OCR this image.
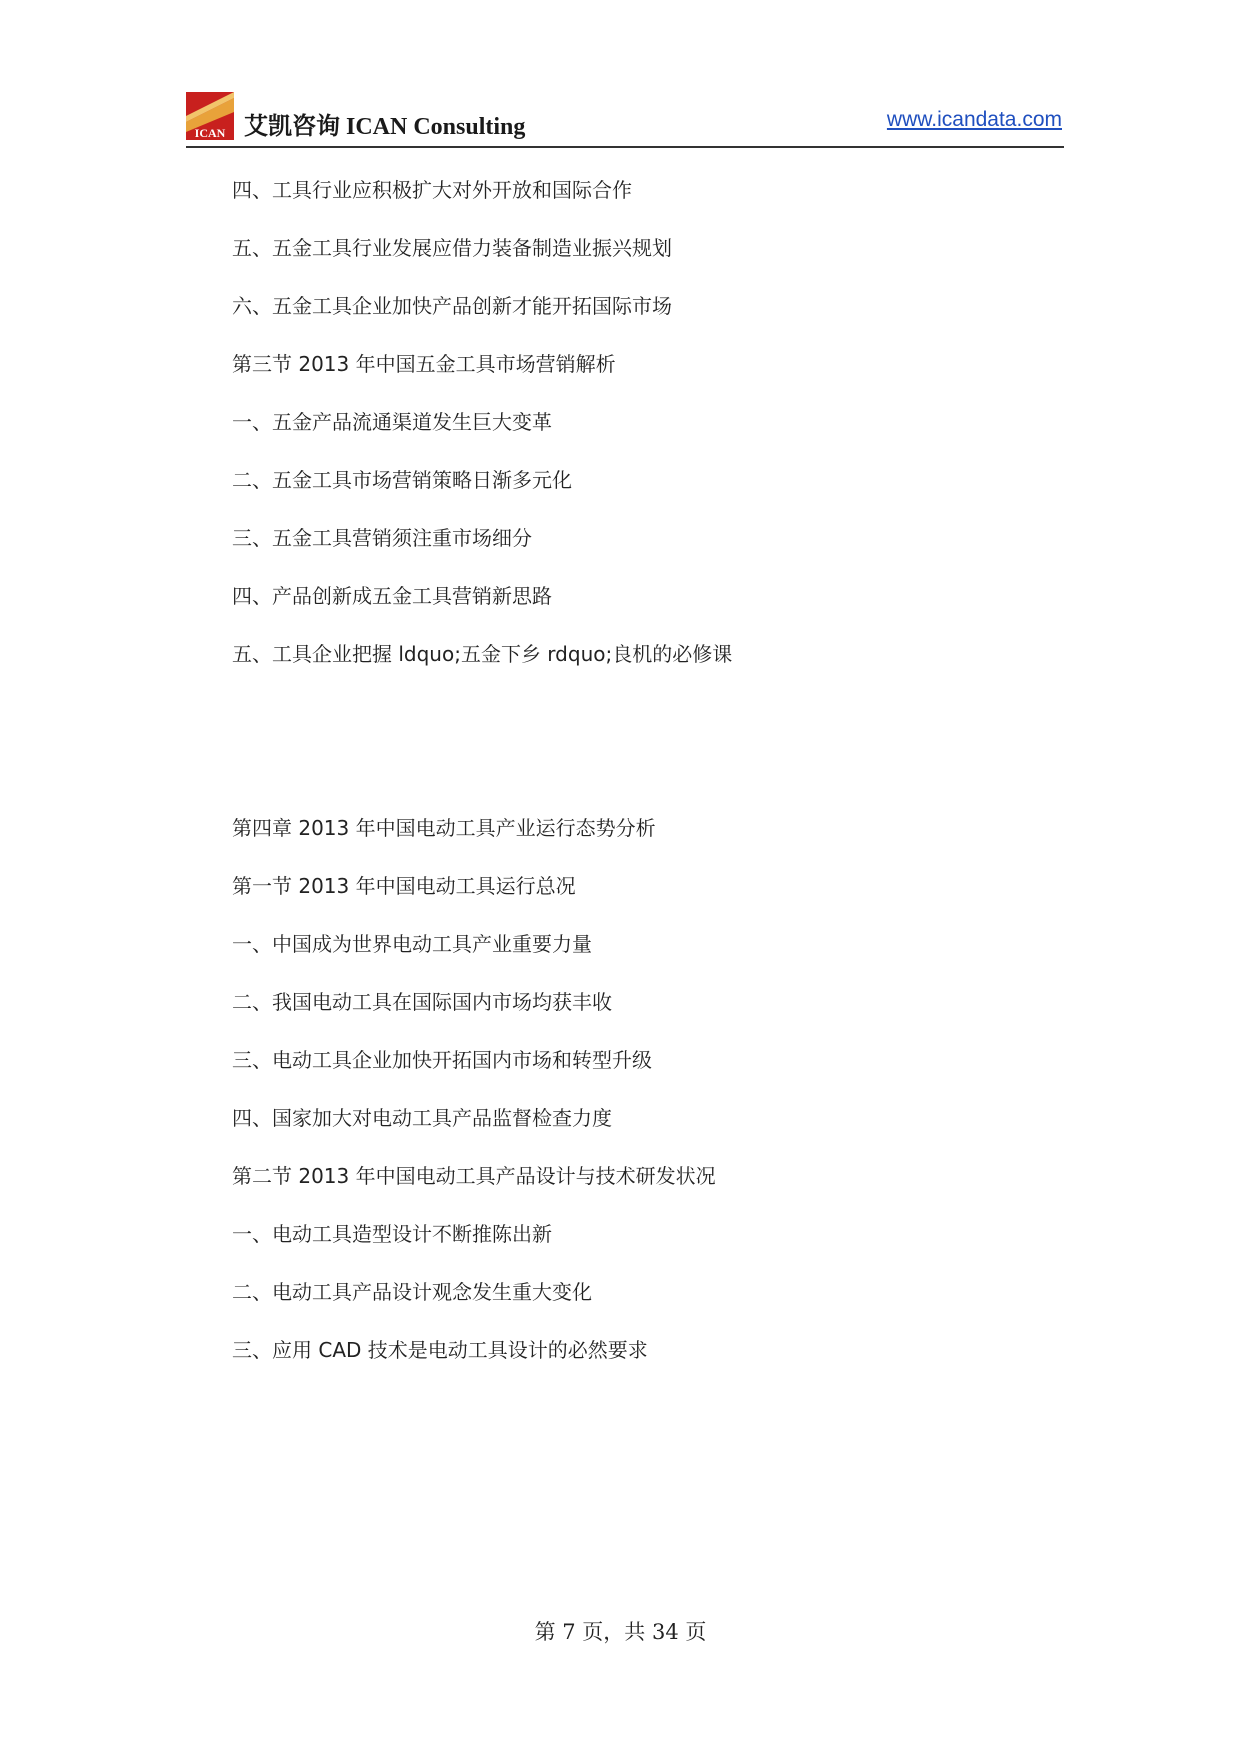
ICAN 艾凯咨询 ICAN Consulting	www.icandata.com
四、工具行业应积极扩大对外开放和国际合作
五、五金工具行业发展应借力装备制造业振兴规划
六、五金工具企业加快产品创新才能开拓国际市场
第三节 2013 年中国五金工具市场营销解析
一、五金产品流通渠道发生巨大变革
二、五金工具市场营销策略日渐多元化
三、五金工具营销须注重市场细分
四、产品创新成五金工具营销新思路
五、工具企业把握 ldquo;五金下乡 rdquo;良机的必修课
第四章 2013 年中国电动工具产业运行态势分析
第一节 2013 年中国电动工具运行总况
一、中国成为世界电动工具产业重要力量
二、我国电动工具在国际国内市场均获丰收
三、电动工具企业加快开拓国内市场和转型升级
四、国家加大对电动工具产品监督检查力度
第二节 2013 年中国电动工具产品设计与技术研发状况
一、电动工具造型设计不断推陈出新
二、电动工具产品设计观念发生重大变化
三、应用 CAD 技术是电动工具设计的必然要求
第 7 页，共 34 页
